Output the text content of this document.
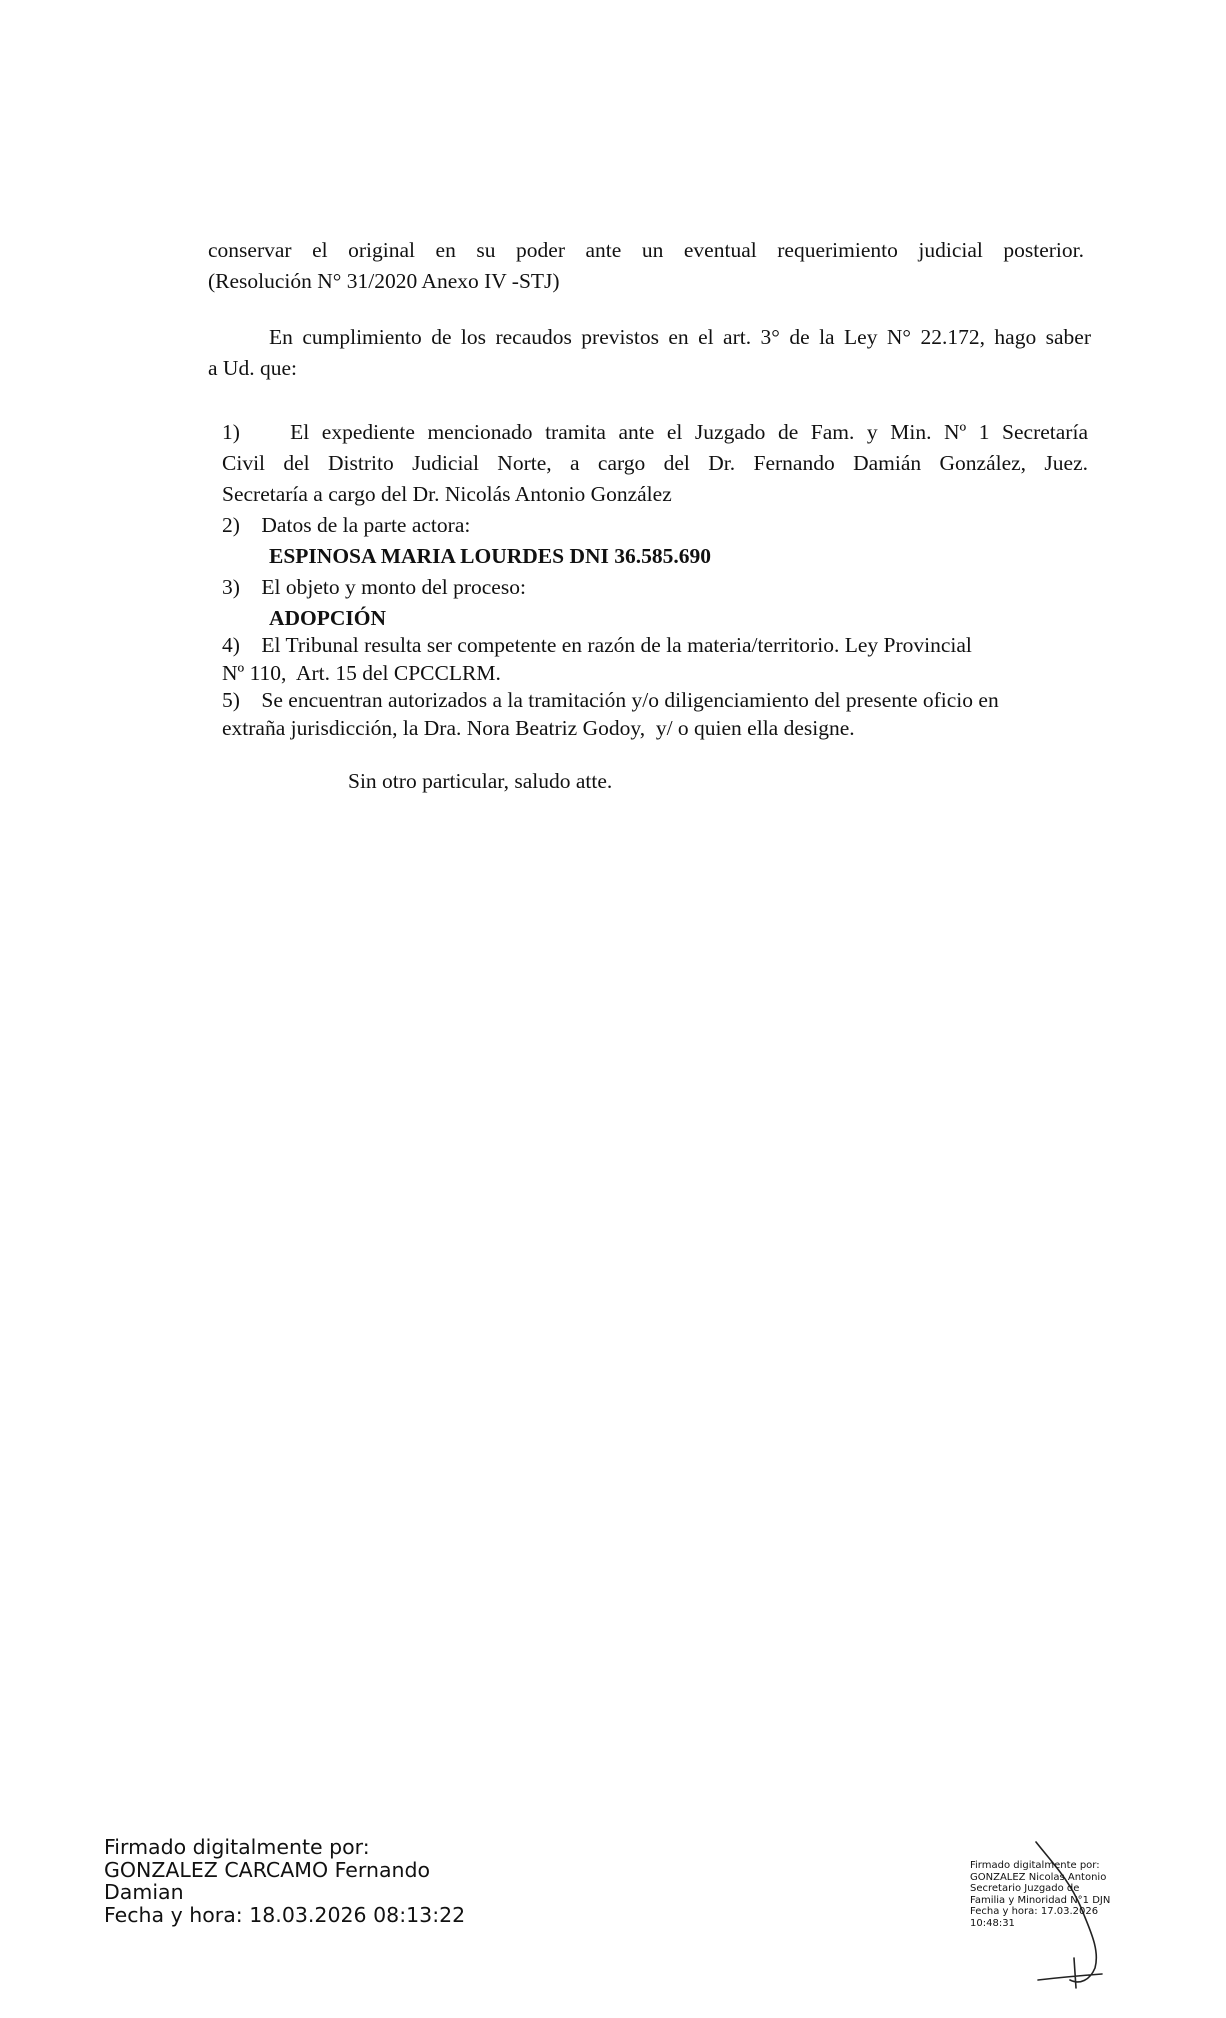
conservar el original en su poder ante un eventual requerimiento judicial posterior.
(Resolución N° 31/2020 Anexo IV -STJ)
En cumplimiento de los recaudos previstos en el art. 3° de la Ley N° 22.172, hago saber
a Ud. que:
1)    El expediente mencionado tramita ante el Juzgado de Fam. y Min. Nº 1 Secretaría
Civil del Distrito Judicial Norte, a cargo del Dr. Fernando Damián González, Juez.
Secretaría a cargo del Dr. Nicolás Antonio González
2)    Datos de la parte actora:
ESPINOSA MARIA LOURDES DNI 36.585.690
3)    El objeto y monto del proceso:
ADOPCIÓN
4)    El Tribunal resulta ser competente en razón de la materia/territorio. Ley Provincial
Nº 110,  Art. 15 del CPCCLRM.
5)    Se encuentran autorizados a la tramitación y/o diligenciamiento del presente oficio en
extraña jurisdicción, la Dra. Nora Beatriz Godoy,  y/ o quien ella designe.
Sin otro particular, saludo atte.
Firmado digitalmente por:
GONZALEZ CARCAMO Fernando
Damian
Fecha y hora: 18.03.2026 08:13:22
Firmado digitalmente por:
GONZALEZ Nicolas Antonio
Secretario Juzgado de
Familia y Minoridad N°1 DJN
Fecha y hora: 17.03.2026
10:48:31
